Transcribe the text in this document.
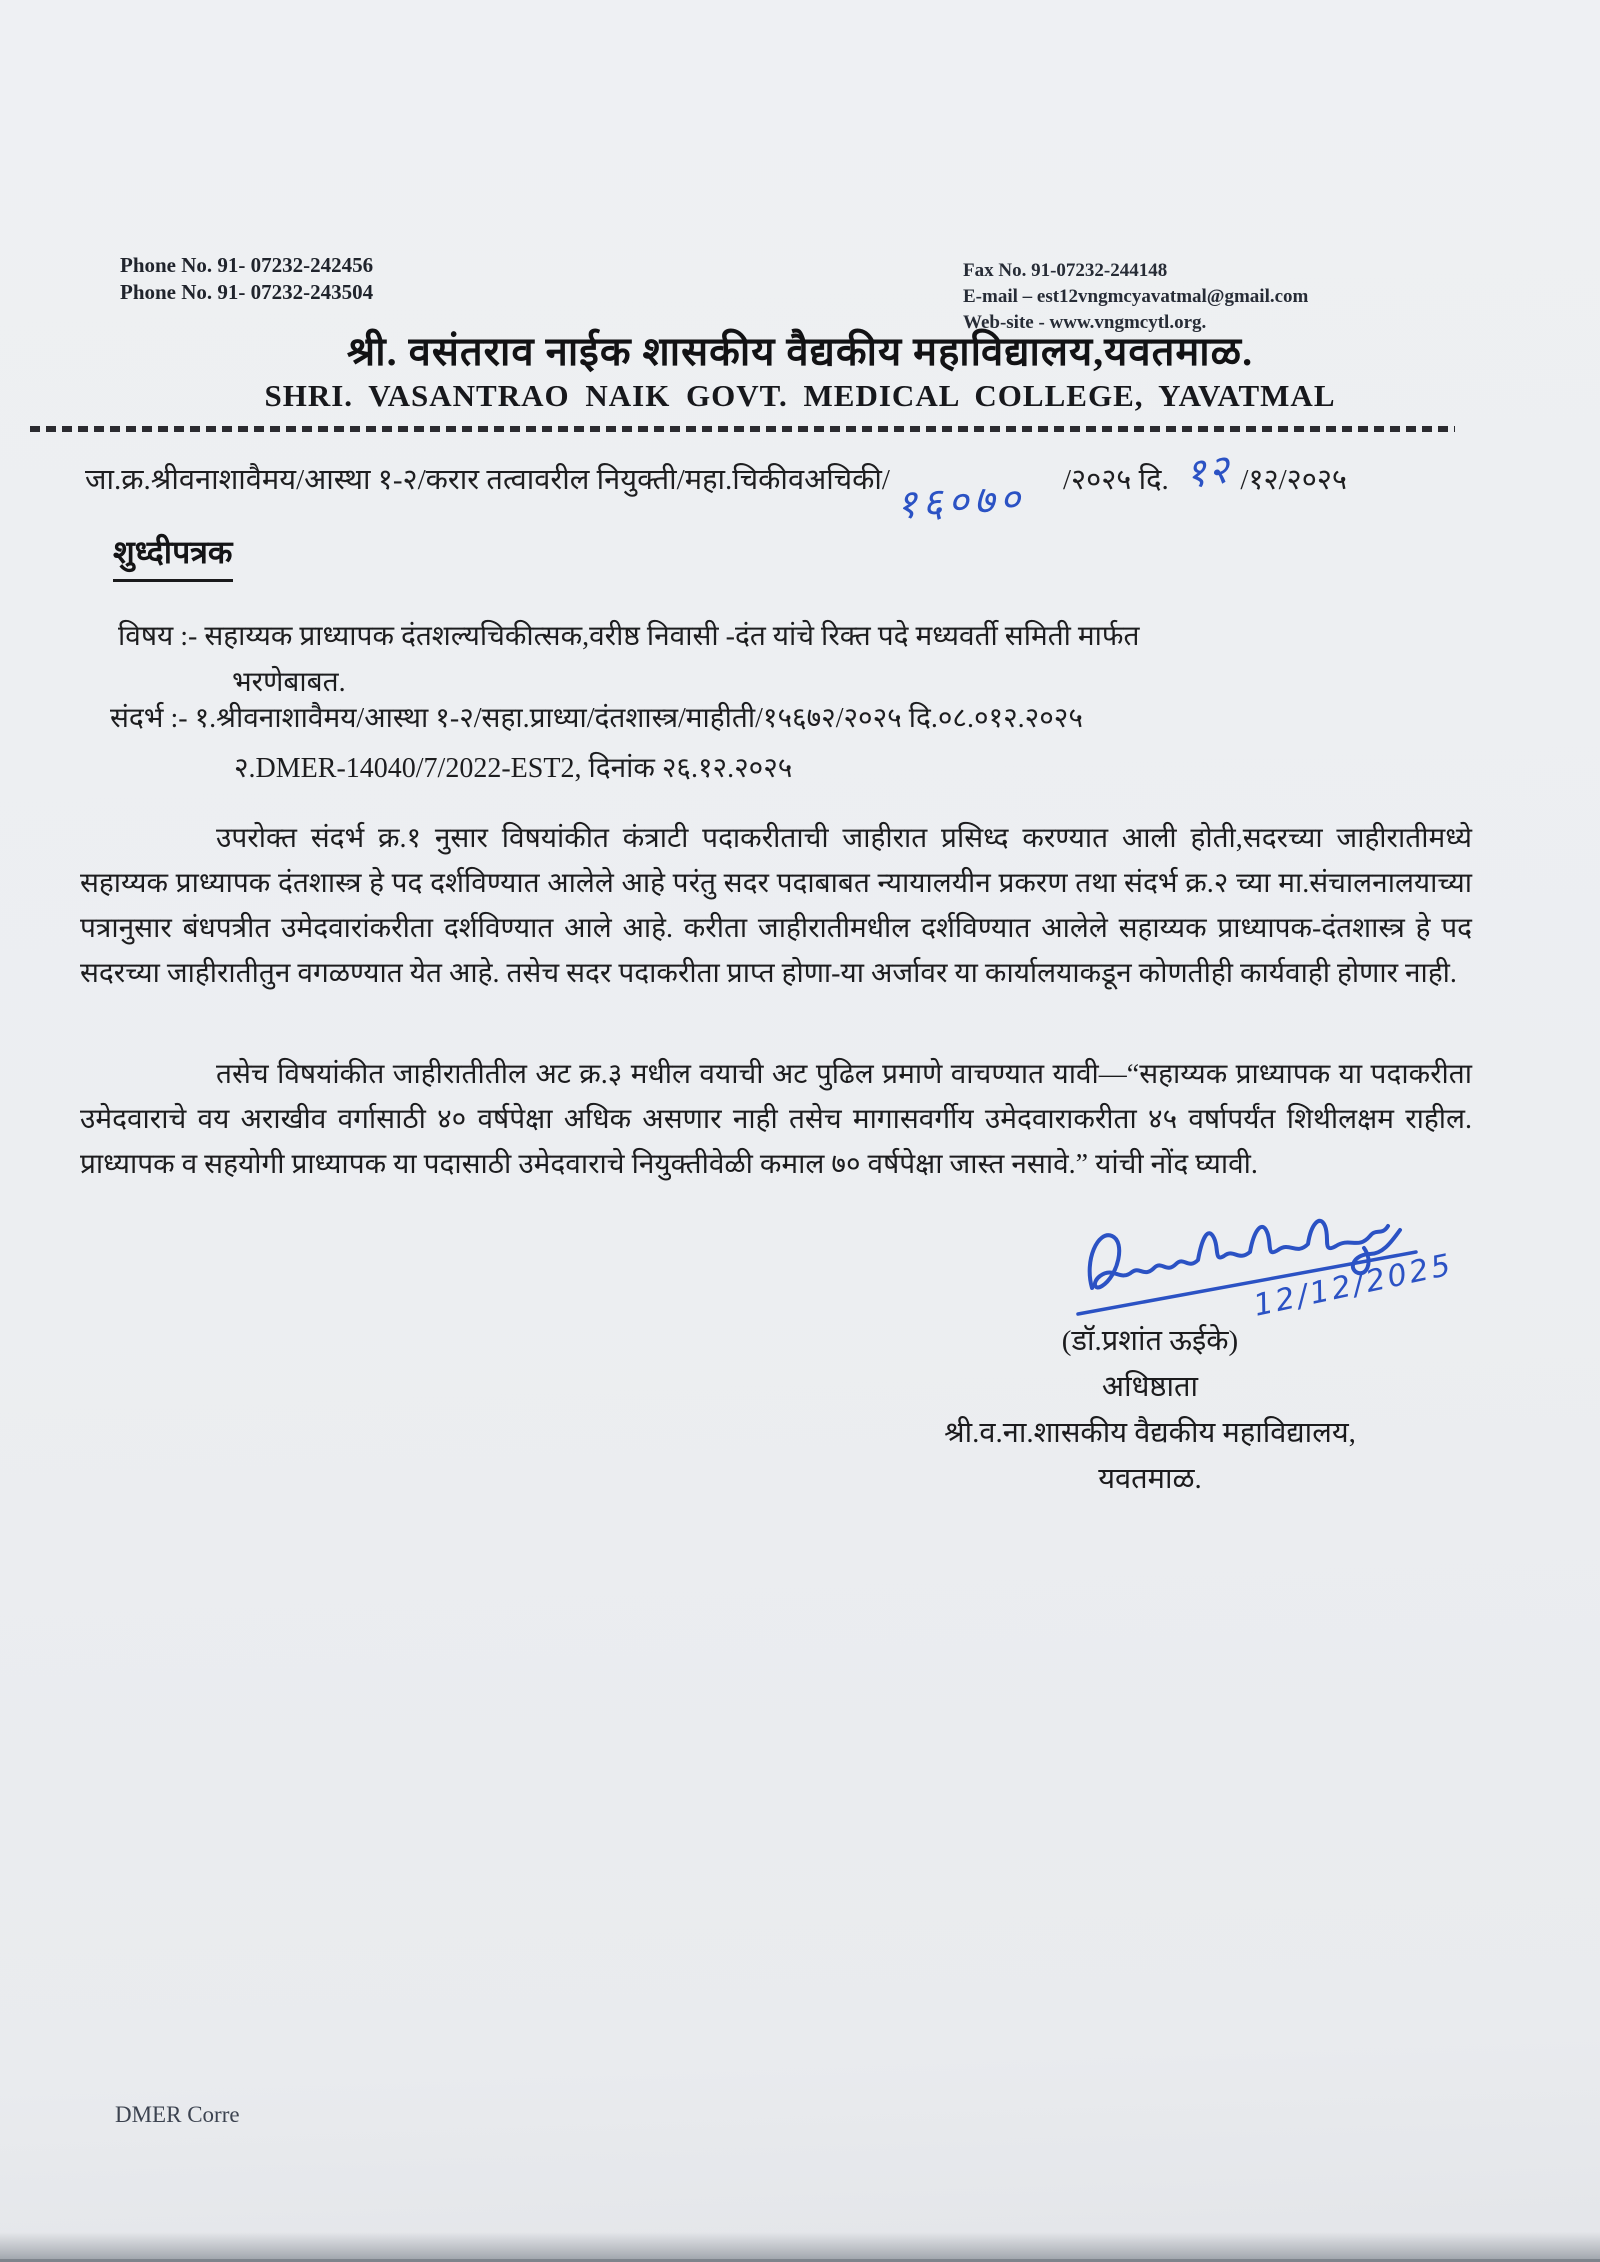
Phone No. 91- 07232-242456
Phone No. 91- 07232-243504
Fax No. 91-07232-244148
E-mail – est12vngmcyavatmal@gmail.com
Web-site - www.vngmcytl.org.
श्री. वसंतराव नाईक शासकीय वैद्यकीय महाविद्यालय,यवतमाळ.
SHRI. VASANTRAO NAIK GOVT. MEDICAL COLLEGE, YAVATMAL
जा.क्र.श्रीवनाशावैमय/आस्था १-२/करार तत्वावरील नियुक्ती/महा.चिकीवअचिकी/ १६०७० /२०२५ दि. १२ /१२/२०२५
शुध्दीपत्रक
विषय :- सहाय्यक प्राध्यापक दंतशल्यचिकीत्सक,वरीष्ठ निवासी -दंत यांचे रिक्त पदे मध्यवर्ती समिती मार्फत
भरणेबाबत.
संदर्भ :- १.श्रीवनाशावैमय/आस्था १-२/सहा.प्राध्या/दंतशास्त्र/माहीती/१५६७२/२०२५ दि.०८.०१२.२०२५
२.DMER-14040/7/2022-EST2, दिनांक २६.१२.२०२५
उपरोक्त संदर्भ क्र.१ नुसार विषयांकीत कंत्राटी पदाकरीताची जाहीरात प्रसिध्द करण्यात आली होती,सदरच्या जाहीरातीमध्ये सहाय्यक प्राध्यापक दंतशास्त्र हे पद दर्शविण्यात आलेले आहे परंतु सदर पदाबाबत न्यायालयीन प्रकरण तथा संदर्भ क्र.२ च्या मा.संचालनालयाच्या पत्रानुसार बंधपत्रीत उमेदवारांकरीता दर्शविण्यात आले आहे. करीता जाहीरातीमधील दर्शविण्यात आलेले सहाय्यक प्राध्यापक-दंतशास्त्र हे पद सदरच्या जाहीरातीतुन वगळण्यात येत आहे. तसेच सदर पदाकरीता प्राप्त होणा-या अर्जावर या कार्यालयाकडून कोणतीही कार्यवाही होणार नाही.
तसेच विषयांकीत जाहीरातीतील अट क्र.३ मधील वयाची अट पुढिल प्रमाणे वाचण्यात यावी—“सहाय्यक प्राध्यापक या पदाकरीता उमेदवाराचे वय अराखीव वर्गासाठी ४० वर्षपेक्षा अधिक असणार नाही तसेच मागासवर्गीय उमेदवाराकरीता ४५ वर्षापर्यंत शिथीलक्षम राहील. प्राध्यापक व सहयोगी प्राध्यापक या पदासाठी उमेदवाराचे नियुक्तीवेळी कमाल ७० वर्षपेक्षा जास्त नसावे.” यांची नोंद घ्यावी.
12/12/2025
(डॉ.प्रशांत ऊईके)
अधिष्ठाता
श्री.व.ना.शासकीय वैद्यकीय महाविद्यालय,
यवतमाळ.
DMER Corre
